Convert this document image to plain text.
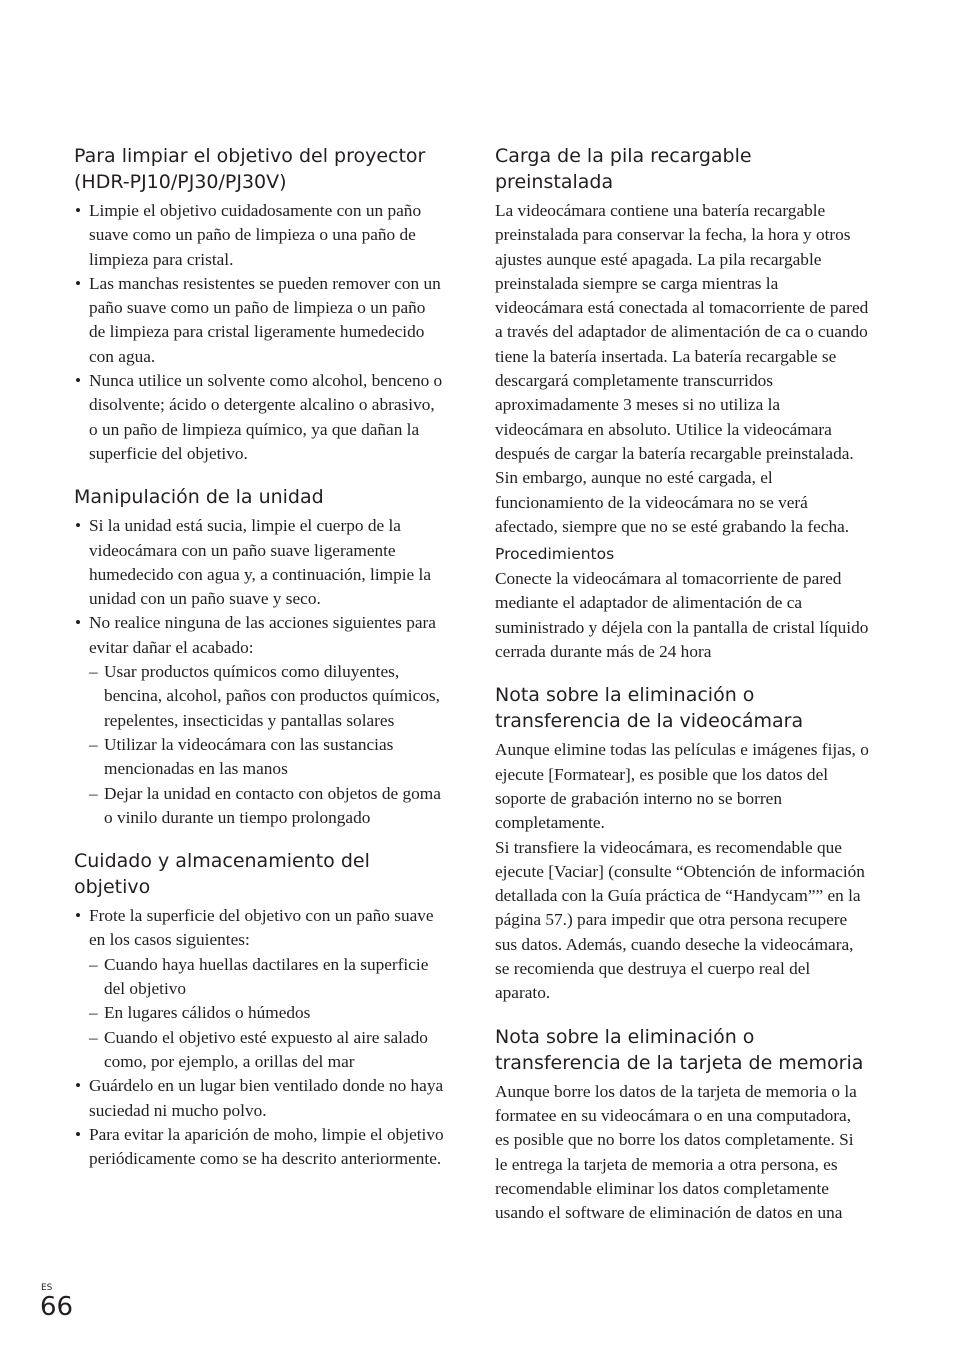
Para limpiar el objetivo del proyector (HDR-PJ10/PJ30/PJ30V)
• Limpie el objetivo cuidadosamente con un paño suave como un paño de limpieza o una paño de limpieza para cristal.
• Las manchas resistentes se pueden remover con un paño suave como un paño de limpieza o un paño de limpieza para cristal ligeramente humedecido con agua.
• Nunca utilice un solvente como alcohol, benceno o disolvente; ácido o detergente alcalino o abrasivo, o un paño de limpieza químico, ya que dañan la superficie del objetivo.
Manipulación de la unidad
• Si la unidad está sucia, limpie el cuerpo de la videocámara con un paño suave ligeramente humedecido con agua y, a continuación, limpie la unidad con un paño suave y seco.
• No realice ninguna de las acciones siguientes para evitar dañar el acabado:
– Usar productos químicos como diluyentes, bencina, alcohol, paños con productos químicos, repelentes, insecticidas y pantallas solares
– Utilizar la videocámara con las sustancias mencionadas en las manos
– Dejar la unidad en contacto con objetos de goma o vinilo durante un tiempo prolongado
Cuidado y almacenamiento del objetivo
• Frote la superficie del objetivo con un paño suave en los casos siguientes:
– Cuando haya huellas dactilares en la superficie del objetivo
– En lugares cálidos o húmedos
– Cuando el objetivo esté expuesto al aire salado como, por ejemplo, a orillas del mar
• Guárdelo en un lugar bien ventilado donde no haya suciedad ni mucho polvo.
• Para evitar la aparición de moho, limpie el objetivo periódicamente como se ha descrito anteriormente.
Carga de la pila recargable preinstalada

La videocámara contiene una batería recargable preinstalada para conservar la fecha, la hora y otros ajustes aunque esté apagada. La pila recargable preinstalada siempre se carga mientras la videocámara está conectada al tomacorriente de pared a través del adaptador de alimentación de ca o cuando tiene la batería insertada. La batería recargable se descargará completamente transcurridos aproximadamente 3 meses si no utiliza la videocámara en absoluto. Utilice la videocámara después de cargar la batería recargable preinstalada. Sin embargo, aunque no esté cargada, el funcionamiento de la videocámara no se verá afectado, siempre que no se esté grabando la fecha.

Procedimientos

Conecte la videocámara al tomacorriente de pared mediante el adaptador de alimentación de ca suministrado y déjela con la pantalla de cristal líquido cerrada durante más de 24 hora

Nota sobre la eliminación o transferencia de la videocámara

Aunque elimine todas las películas e imágenes fijas, o ejecute [Formatear], es posible que los datos del soporte de grabación interno no se borren completamente.

Si transfiere la videocámara, es recomendable que ejecute [Vaciar] (consulte “Obtención de información detallada con la Guía práctica de “Handycam”” en la página 57.) para impedir que otra persona recupere sus datos. Además, cuando deseche la videocámara, se recomienda que destruya el cuerpo real del aparato.

Nota sobre la eliminación o transferencia de la tarjeta de memoria

Aunque borre los datos de la tarjeta de memoria o la formatee en su videocámara o en una computadora, es posible que no borre los datos completamente. Si le entrega la tarjeta de memoria a otra persona, es recomendable eliminar los datos completamente usando el software de eliminación de datos en una

ES
66
